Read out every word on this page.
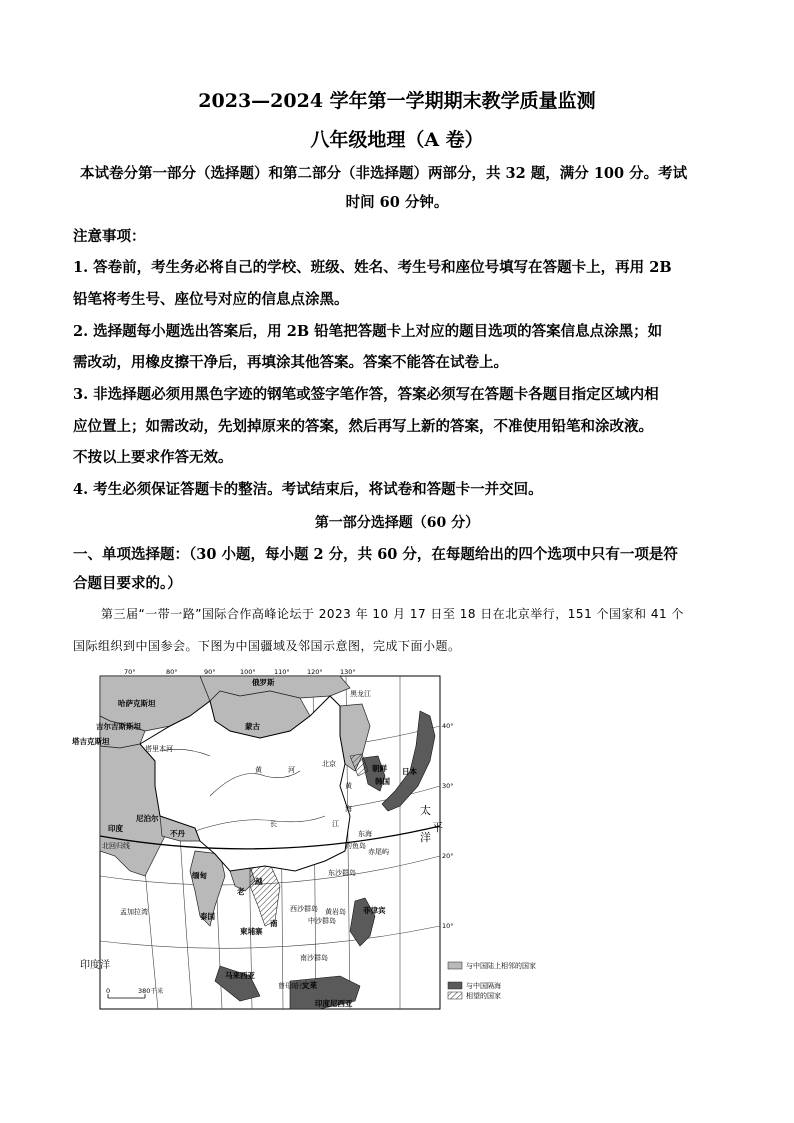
2023—2024 学年第一学期期末教学质量监测
八年级地理（A 卷）
本试卷分第一部分（选择题）和第二部分（非选择题）两部分，共 32 题，满分 100 分。考试
时间 60 分钟。
注意事项：
1. 答卷前，考生务必将自己的学校、班级、姓名、考生号和座位号填写在答题卡上，再用 2B
铅笔将考生号、座位号对应的信息点涂黑。
2. 选择题每小题选出答案后，用 2B 铅笔把答题卡上对应的题目选项的答案信息点涂黑；如
需改动，用橡皮擦干净后，再填涂其他答案。答案不能答在试卷上。
3. 非选择题必须用黑色字迹的钢笔或签字笔作答，答案必须写在答题卡各题目指定区域内相
应位置上；如需改动，先划掉原来的答案，然后再写上新的答案，不准使用铅笔和涂改液。
不按以上要求作答无效。
4. 考生必须保证答题卡的整洁。考试结束后，将试卷和答题卡一并交回。
第一部分选择题（60 分）
一、单项选择题：（30 小题，每小题 2 分，共 60 分，在每题给出的四个选项中只有一项是符
合题目要求的。）
第三届“一带一路”国际合作高峰论坛于 2023 年 10 月 17 日至 18 日在北京举行，151 个国家和 41 个
国际组织到中国参会。下图为中国疆域及邻国示意图，完成下面小题。
70°	80°	90°	100°	110°	120°	130°
俄罗斯
哈萨克斯坦
吉尔吉斯斯坦
塔吉克斯坦
蒙古
朝鲜
韩国
日本
印度
尼泊尔
不丹
缅甸
老
越
南
泰国
柬埔寨
孟加拉湾	菲律宾
马来西亚
文莱
印度尼西亚
塔里木河
黄	河
长	江
黄
海
东海
钓鱼岛
赤尾屿
东沙群岛
西沙群岛
中沙群岛
黄岩岛
南沙群岛
曾母暗沙
黑龙江
北回归线
北京
太
平
洋
印度洋
40°
30°
20°
10°
0	380千米
与中国陆上相邻的国家
与中国隔海
相望的国家
